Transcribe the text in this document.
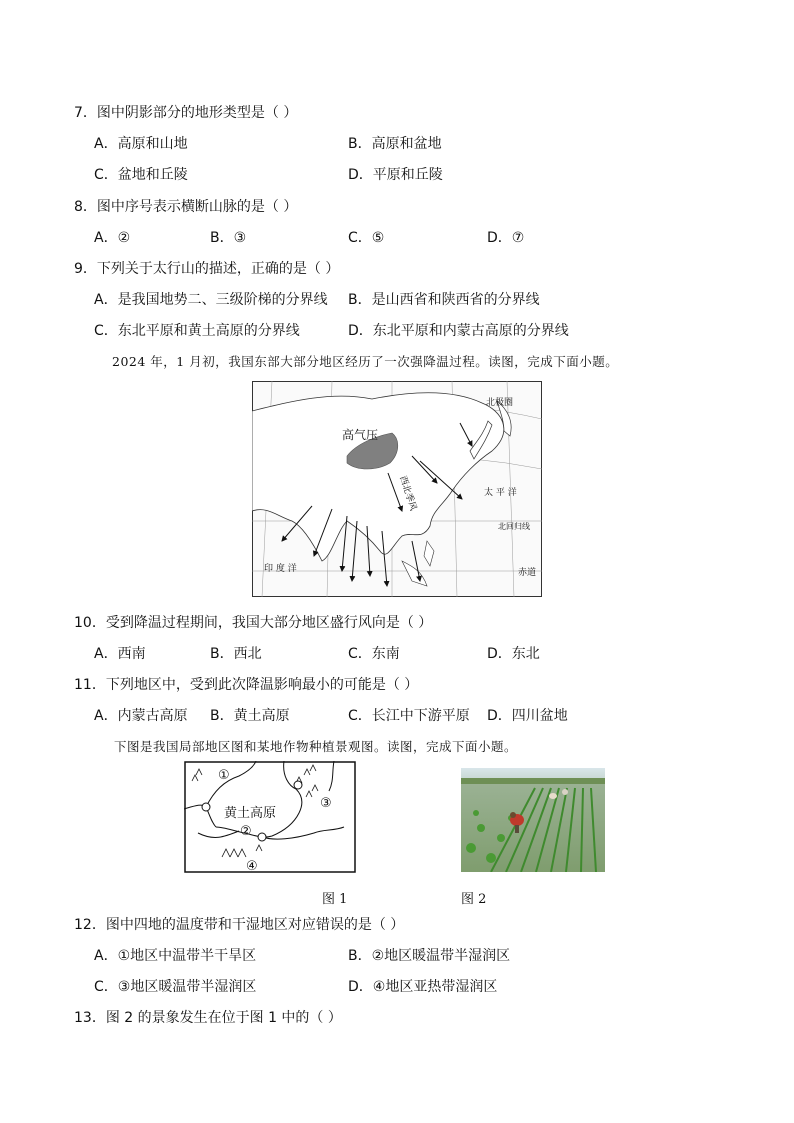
7．图中阴影部分的地形类型是（ ）
A．高原和山地	B．高原和盆地
C．盆地和丘陵	D．平原和丘陵
8．图中序号表示横断山脉的是（ ）
A．②	B．③	C．⑤	D．⑦
9．下列关于太行山的描述，正确的是（ ）
A．是我国地势二、三级阶梯的分界线 B．是山西省和陕西省的分界线
C．东北平原和黄土高原的分界线	D．东北平原和内蒙古高原的分界线
2024 年，1 月初，我国东部大部分地区经历了一次强降温过程。读图，完成下面小题。
北极圈
高气压
西北季风	太 平 洋
北回归线
印 度 洋	赤道
10．受到降温过程期间，我国大部分地区盛行风向是（ ）
A．西南	B．西北	C．东南	D．东北
11．下列地区中，受到此次降温影响最小的可能是（ ）
A．内蒙古高原 B．黄土高原	C．长江中下游平原 D．四川盆地
下图是我国局部地区图和某地作物种植景观图。读图，完成下面小题。
①
②
③
④
黄土高原
图 1	图 2
12．图中四地的温度带和干湿地区对应错误的是（ ）
A．①地区中温带半干旱区	B．②地区暖温带半湿润区
C．③地区暖温带半湿润区	D．④地区亚热带湿润区
13．图 2 的景象发生在位于图 1 中的（ ）
